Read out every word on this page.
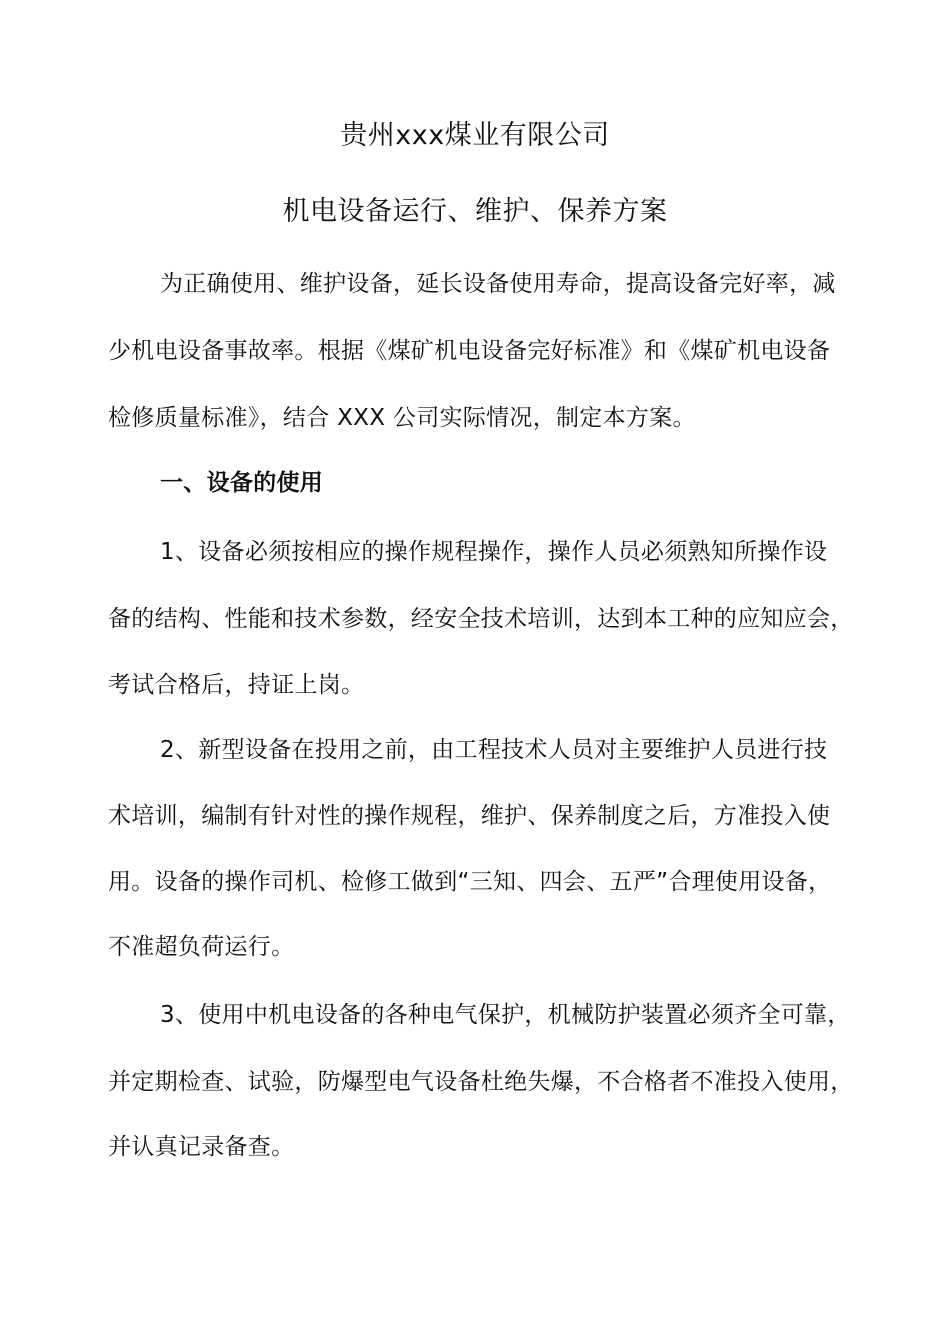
贵州xxx煤业有限公司
机电设备运行、维护、保养方案

为正确使用、维护设备，延长设备使用寿命，提高设备完好率，减

少机电设备事故率。根据《煤矿机电设备完好标准》和《煤矿机电设备

检修质量标准》，结合 XXX 公司实际情况，制定本方案。

一、设备的使用

1、设备必须按相应的操作规程操作，操作人员必须熟知所操作设

备的结构、性能和技术参数，经安全技术培训，达到本工种的应知应会，

考试合格后，持证上岗。

2、新型设备在投用之前，由工程技术人员对主要维护人员进行技

术培训，编制有针对性的操作规程，维护、保养制度之后，方准投入使

用。设备的操作司机、检修工做到“三知、四会、五严”合理使用设备，

不准超负荷运行。

3、使用中机电设备的各种电气保护，机械防护装置必须齐全可靠，

并定期检查、试验，防爆型电气设备杜绝失爆，不合格者不准投入使用，

并认真记录备查。
